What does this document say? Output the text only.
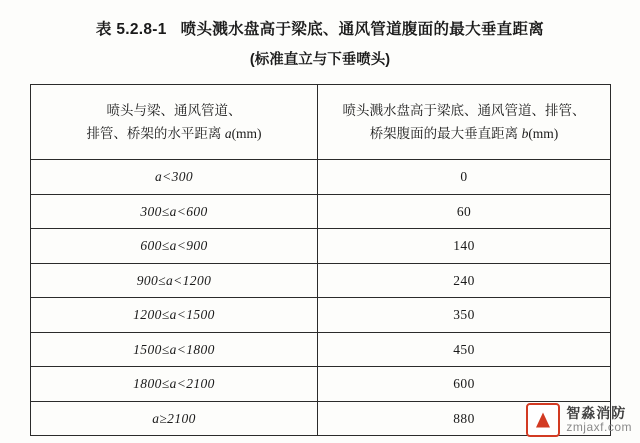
表 5.2.8-1 喷头溅水盘高于梁底、通风管道腹面的最大垂直距离
(标准直立与下垂喷头)
喷头与梁、通风管道、
排管、桥架的水平距离 a(mm)	喷头溅水盘高于梁底、通风管道、排管、
桥架腹面的最大垂直距离 b(mm)

a<300	0
300≤a<600	60
600≤a<900	140
900≤a<1200	240
1200≤a<1500	350
1500≤a<1800	450
1800≤a<2100	600
a≥2100	880	智淼消防
zmjaxf.com
